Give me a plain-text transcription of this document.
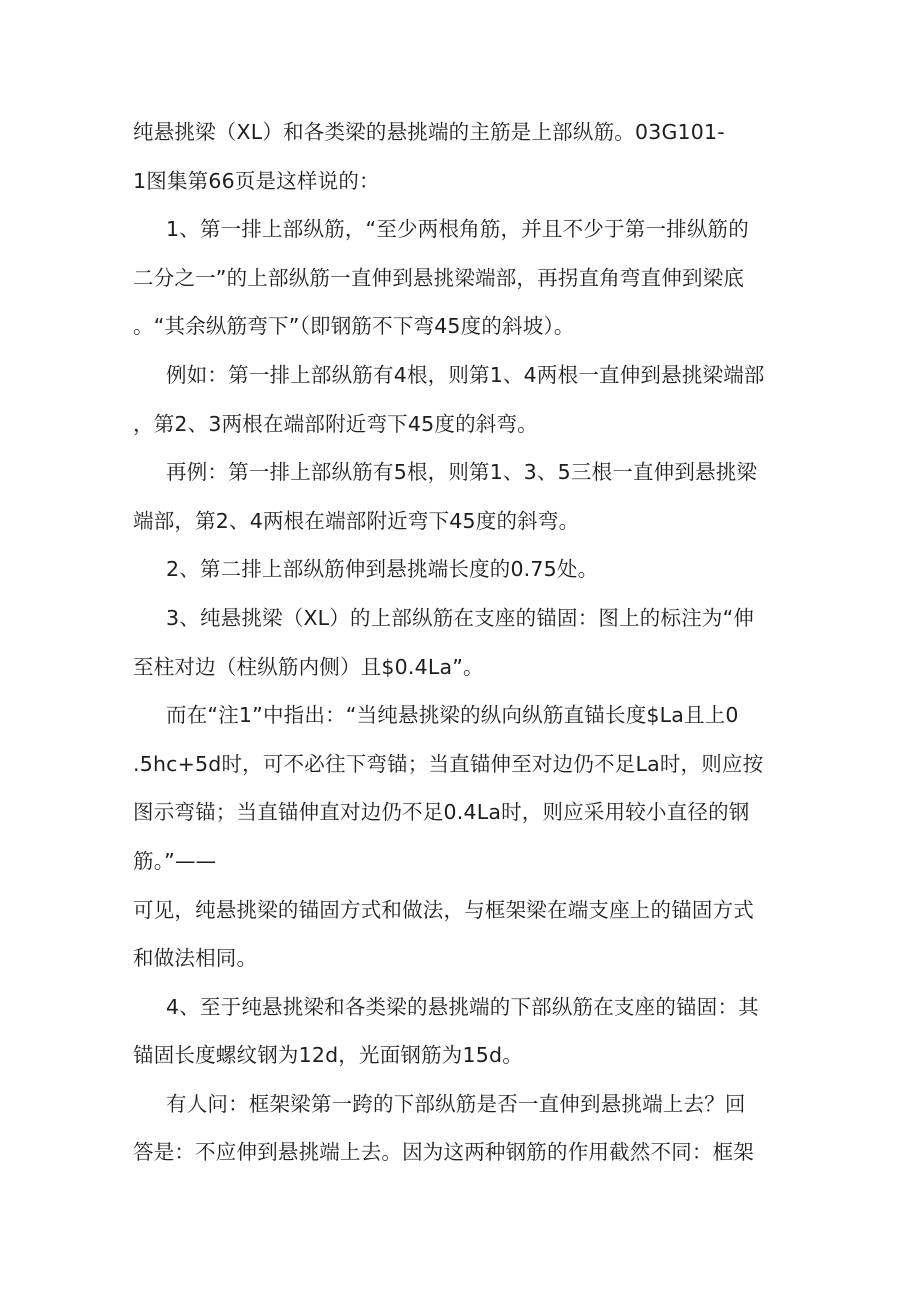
纯悬挑梁（XL）和各类梁的悬挑端的主筋是上部纵筋。03G101-
1图集第66页是这样说的：
1、第一排上部纵筋，“至少两根角筋，并且不少于第一排纵筋的
二分之一”的上部纵筋一直伸到悬挑梁端部，再拐直角弯直伸到梁底
。“其余纵筋弯下”（即钢筋不下弯45度的斜坡）。
例如：第一排上部纵筋有4根，则第1、4两根一直伸到悬挑梁端部
，第2、3两根在端部附近弯下45度的斜弯。
再例：第一排上部纵筋有5根，则第1、3、5三根一直伸到悬挑梁
端部，第2、4两根在端部附近弯下45度的斜弯。
2、第二排上部纵筋伸到悬挑端长度的0.75处。
3、纯悬挑梁（XL）的上部纵筋在支座的锚固：图上的标注为“伸
至柱对边（柱纵筋内侧）且$0.4La”。
而在“注1”中指出：“当纯悬挑梁的纵向纵筋直锚长度$La且上0
.5hc+5d时，可不必往下弯锚；当直锚伸至对边仍不足La时，则应按
图示弯锚；当直锚伸直对边仍不足0.4La时，则应采用较小直径的钢
筋。”——
可见，纯悬挑梁的锚固方式和做法，与框架梁在端支座上的锚固方式
和做法相同。
4、至于纯悬挑梁和各类梁的悬挑端的下部纵筋在支座的锚固：其
锚固长度螺纹钢为12d，光面钢筋为15d。
有人问：框架梁第一跨的下部纵筋是否一直伸到悬挑端上去？回
答是：不应伸到悬挑端上去。因为这两种钢筋的作用截然不同：框架
